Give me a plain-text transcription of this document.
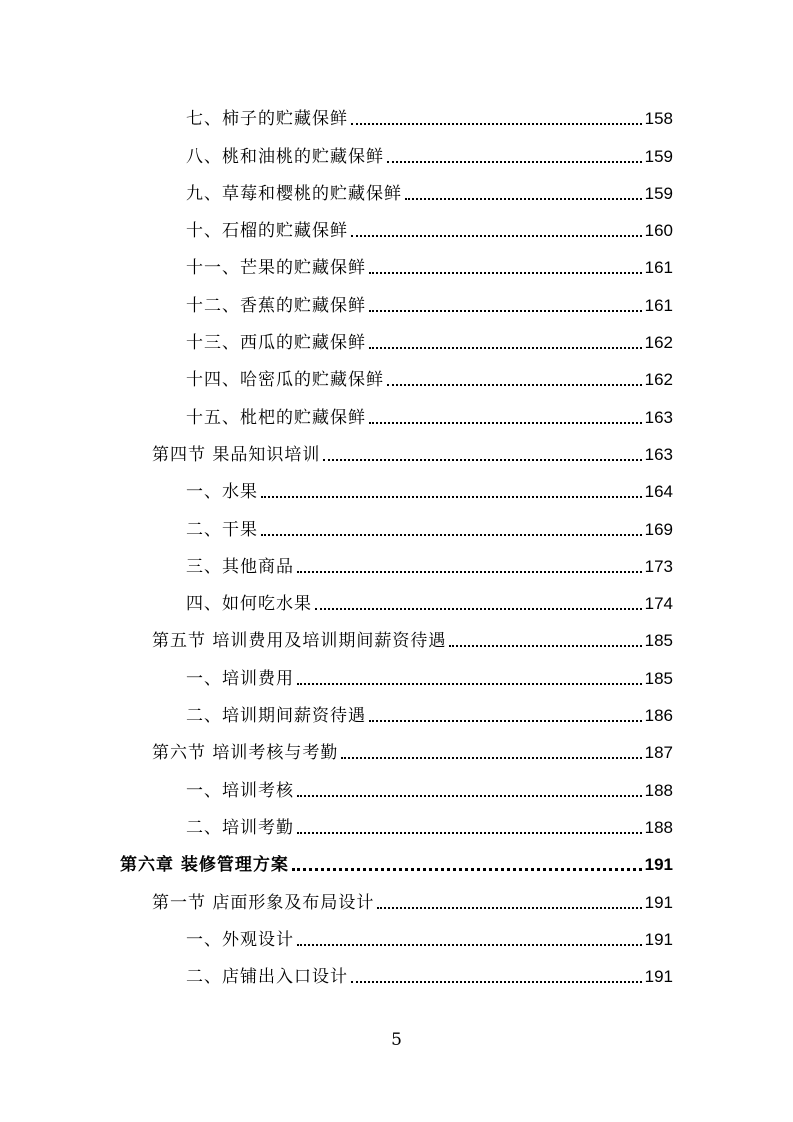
七、柿子的贮藏保鲜	158
八、桃和油桃的贮藏保鲜	159
九、草莓和樱桃的贮藏保鲜	159
十、石榴的贮藏保鲜	160
十一、芒果的贮藏保鲜	161
十二、香蕉的贮藏保鲜	161
十三、西瓜的贮藏保鲜	162
十四、哈密瓜的贮藏保鲜	162
十五、枇杷的贮藏保鲜	163
第四节 果品知识培训	163
一、水果	164
二、干果	169
三、其他商品	173
四、如何吃水果	174
第五节 培训费用及培训期间薪资待遇	185
一、培训费用	185
二、培训期间薪资待遇	186
第六节 培训考核与考勤	187
一、培训考核	188
二、培训考勤	188
第六章 装修管理方案	191
第一节 店面形象及布局设计	191
一、外观设计	191
二、店铺出入口设计	191
5
